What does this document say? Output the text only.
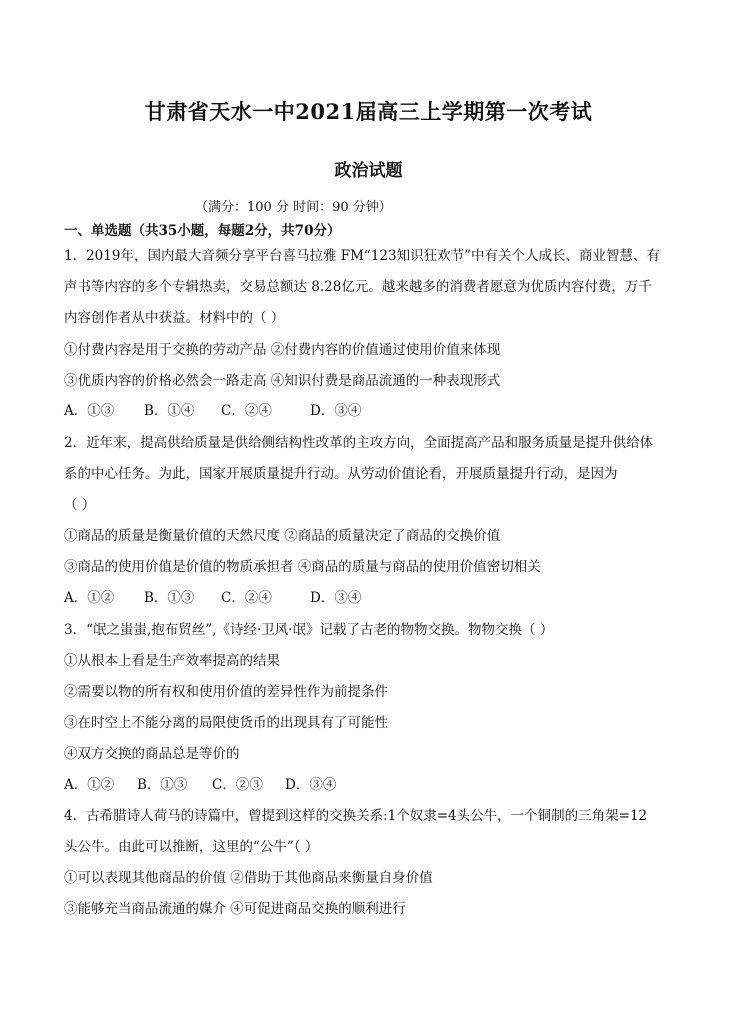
甘肃省天水一中2021届高三上学期第一次考试
政治试题
（满分：100 分 时间：90 分钟）
一、单选题（共35小题，每题2分，共70分）
1．2019年，国内最大音频分享平台喜马拉雅 FM“123知识狂欢节”中有关个人成长、商业智慧、有
声书等内容的多个专辑热卖，交易总额达 8.28亿元。越来越多的消费者愿意为优质内容付费，万千
内容创作者从中获益。材料中的（ ）
①付费内容是用于交换的劳动产品 ②付费内容的价值通过使用价值来体现
③优质内容的价格必然会一路走高 ④知识付费是商品流通的一种表现形式
A．①③ B．①④ C．②④	D．③④
2．近年来，提高供给质量是供给侧结构性改革的主攻方向，全面提高产品和服务质量是提升供给体
系的中心任务。为此，国家开展质量提升行动。从劳动价值论看，开展质量提升行动，是因为
（ ）
①商品的质量是衡量价值的天然尺度 ②商品的质量决定了商品的交换价值
③商品的使用价值是价值的物质承担者 ④商品的质量与商品的使用价值密切相关
A．①② B．①③ C．②④	D．③④
3．“氓之蚩蚩,抱布贸丝”,《诗经·卫风·氓》记载了古老的物物交换。物物交换（ ）
①从根本上看是生产效率提高的结果
②需要以物的所有权和使用价值的差异性作为前提条件
③在时空上不能分离的局限使货币的出现具有了可能性
④双方交换的商品总是等价的
A．①② B．①③ C．②③ D．③④
4．古希腊诗人荷马的诗篇中，曾提到这样的交换关系:1个奴隶=4头公牛，一个铜制的三角架=12
头公牛。由此可以推断，这里的“公牛”（ ）
①可以表现其他商品的价值 ②借助于其他商品来衡量自身价值
③能够充当商品流通的媒介 ④可促进商品交换的顺利进行
